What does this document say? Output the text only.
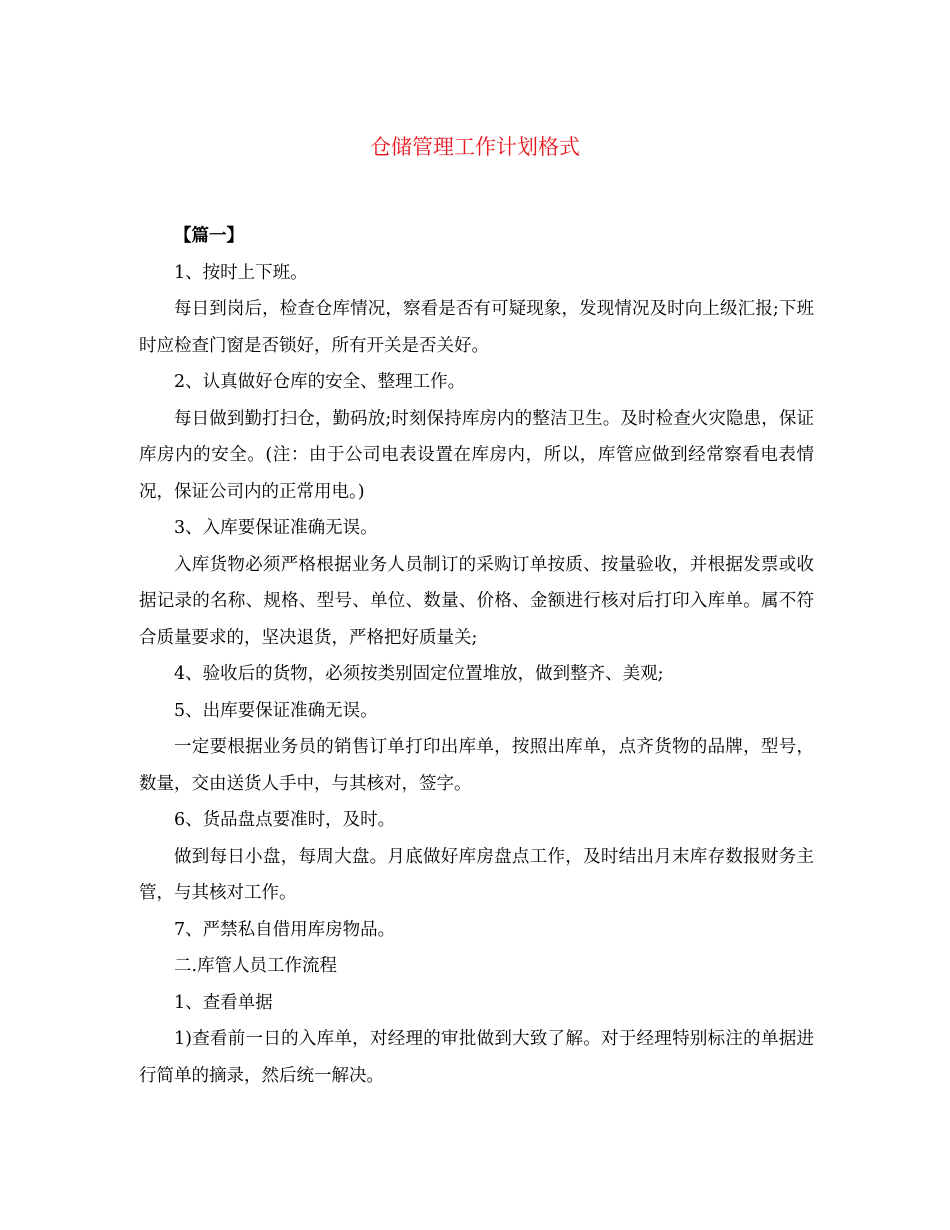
仓储管理工作计划格式

【篇一】

1、按时上下班。

每日到岗后，检查仓库情况，察看是否有可疑现象，发现情况及时向上级汇报;下班时应检查门窗是否锁好，所有开关是否关好。

2、认真做好仓库的安全、整理工作。

每日做到勤打扫仓，勤码放;时刻保持库房内的整洁卫生。及时检查火灾隐患，保证库房内的安全。(注：由于公司电表设置在库房内，所以，库管应做到经常察看电表情况，保证公司内的正常用电。)

3、入库要保证准确无误。

入库货物必须严格根据业务人员制订的采购订单按质、按量验收，并根据发票或收据记录的名称、规格、型号、单位、数量、价格、金额进行核对后打印入库单。属不符合质量要求的，坚决退货，严格把好质量关;

4、验收后的货物，必须按类别固定位置堆放，做到整齐、美观;

5、出库要保证准确无误。

一定要根据业务员的销售订单打印出库单，按照出库单，点齐货物的品牌，型号，数量，交由送货人手中，与其核对，签字。

6、货品盘点要准时，及时。

做到每日小盘，每周大盘。月底做好库房盘点工作，及时结出月末库存数报财务主管，与其核对工作。

7、严禁私自借用库房物品。

二.库管人员工作流程

1、查看单据

1)查看前一日的入库单，对经理的审批做到大致了解。对于经理特别标注的单据进行简单的摘录，然后统一解决。
